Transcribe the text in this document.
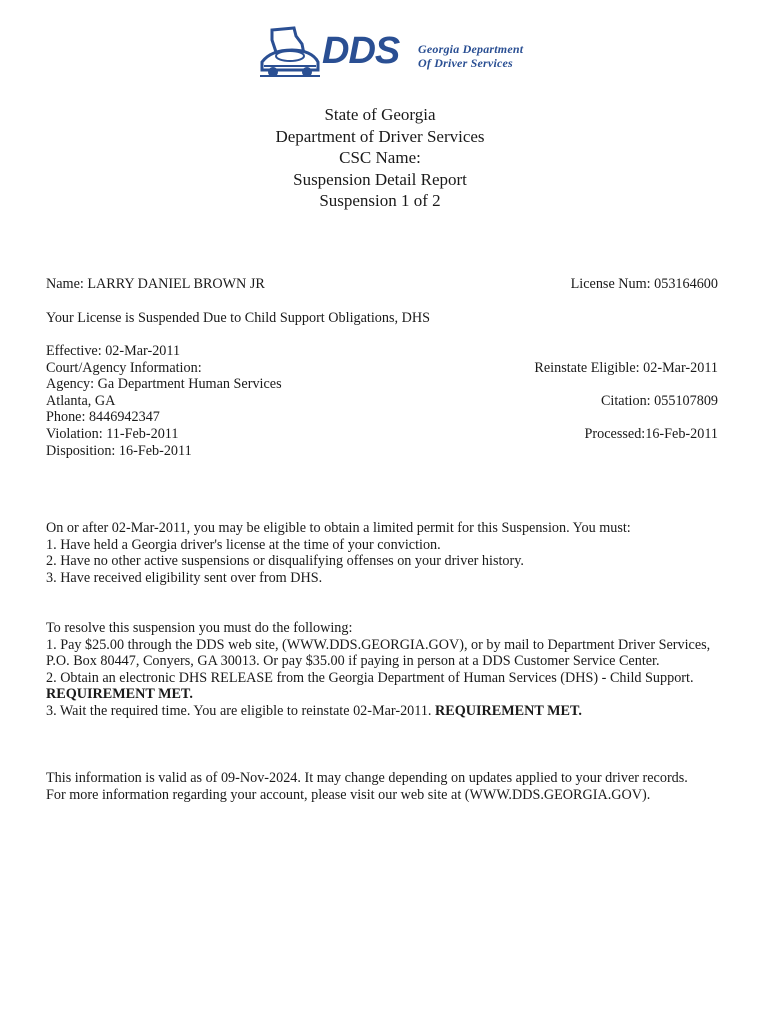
DDS Georgia Department
Of Driver Services
State of Georgia
Department of Driver Services
CSC Name:
Suspension Detail Report
Suspension 1 of 2
Name: LARRY DANIEL BROWN JR	License Num: 053164600
Your License is Suspended Due to Child Support Obligations, DHS
Effective: 02-Mar-2011
Court/Agency Information:
Agency: Ga Department Human Services
Atlanta, GA
Phone: 8446942347
Violation: 11-Feb-2011
Disposition: 16-Feb-2011
Reinstate Eligible: 02-Mar-2011
Citation: 055107809
Processed:16-Feb-2011
On or after 02-Mar-2011, you may be eligible to obtain a limited permit for this Suspension. You must:
1. Have held a Georgia driver's license at the time of your conviction.
2. Have no other active suspensions or disqualifying offenses on your driver history.
3. Have received eligibility sent over from DHS.
To resolve this suspension you must do the following:
1. Pay $25.00 through the DDS web site, (WWW.DDS.GEORGIA.GOV), or by mail to Department Driver Services,
P.O. Box 80447, Conyers, GA 30013. Or pay $35.00 if paying in person at a DDS Customer Service Center.
2. Obtain an electronic DHS RELEASE from the Georgia Department of Human Services (DHS) - Child Support.
REQUIREMENT MET.
3. Wait the required time. You are eligible to reinstate 02-Mar-2011. REQUIREMENT MET.
This information is valid as of 09-Nov-2024. It may change depending on updates applied to your driver records.
For more information regarding your account, please visit our web site at (WWW.DDS.GEORGIA.GOV).
